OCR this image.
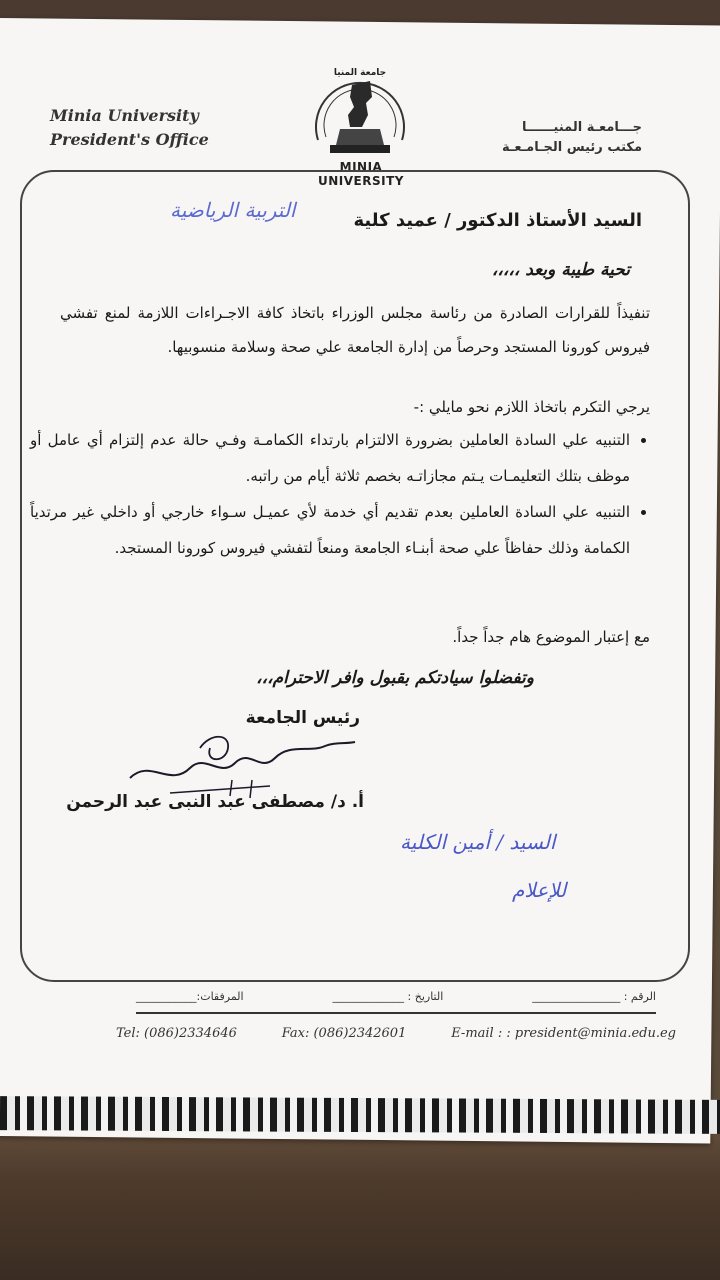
Minia University
President's Office
جـــامعـة المنيــــــا
مكتب رئيس الجـامـعـة
جامعة المنيا
MINIA UNIVERSITY
السيد الأستاذ الدكتور / عميد كلية
التربية الرياضية
تحية طيبة وبعد ،،،،،
تنفيذاً للقرارات الصادرة من رئاسة مجلس الوزراء باتخاذ كافة الاجـراءات اللازمة لمنع تفشي فيروس كورونا المستجد وحرصاً من إدارة الجامعة علي صحة وسلامة منسوبيها.
يرجي التكرم باتخاذ اللازم نحو مايلي :-
• التنبيه علي السادة العاملين بضرورة الالتزام بارتداء الكمامـة وفـي حالة عدم إلتزام أي عامل أو موظف بتلك التعليمـات يـتم مجازاتـه بخصم ثلاثة أيام من راتبه.
• التنبيه علي السادة العاملين بعدم تقديم أي خدمة لأي عميـل سـواء خارجي أو داخلي غير مرتدياً الكمامة وذلك حفاظاً علي صحة أبنـاء الجامعة ومنعاً لتفشي فيروس كورونا المستجد.
مع إعتبار الموضوع هام جداً جداً.
وتفضلوا سيادتكم بقبول وافر الاحترام،،،
رئيس الجامعة
أ. د/ مصطفى عبد النبى عبد الرحمن
السيد / أمين الكلية
للإعلام
الرقم : ________________
التاريخ : _____________
المرفقات:___________
Tel: (086)2334646	Fax: (086)2342601	E-mail : : president@minia.edu.eg
